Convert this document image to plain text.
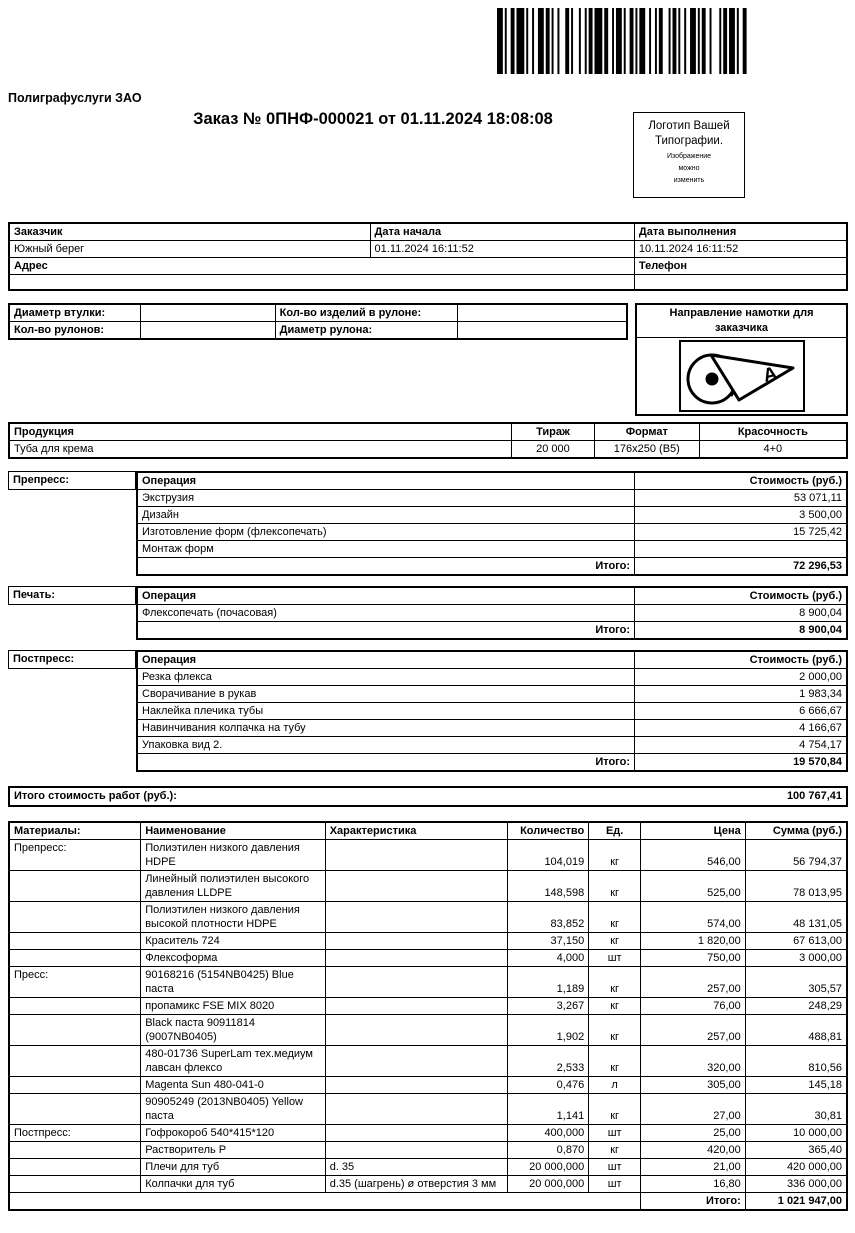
Полиграфуслуги ЗАО
Заказ № 0ПНФ-000021 от 01.11.2024 18:08:08	Логотип Вашей
Типографии.
Изображение
можно
изменить
Заказчик	Дата начала	Дата выполнения
Южный берег	01.11.2024 16:11:52	10.11.2024 16:11:52
Адрес		Телефон

Диаметр втулки:		Кол-во изделий в рулоне:	
Кол-во рулонов:		Диаметр рулона:	
Направление намотки для заказчика
A
Продукция	Тираж	Формат	Красочность
Туба для крема	20 000	176x250 (B5)	4+0
Препресс:	Операция	Стоимость (руб.)
Экструзия	53 071,11
Дизайн	3 500,00
Изготовление форм (флексопечать)	15 725,42
Монтаж форм	
Итого:	72 296,53
Печать:	Операция	Стоимость (руб.)
Флексопечать (почасовая)	8 900,04
Итого:	8 900,04
Постпресс:	Операция	Стоимость (руб.)
Резка флекса	2 000,00
Сворачивание в рукав	1 983,34
Наклейка плечика тубы	6 666,67
Навинчивания колпачка на тубу	4 166,67
Упаковка вид 2.	4 754,17
Итого:	19 570,84
Итого стоимость работ (руб.):	100 767,41
Материалы:	Наименование	Характеристика	Количество	Ед.	Цена	Сумма (руб.)
Препресс:	Полиэтилен низкого давления HDPE		104,019	кг	546,00	56 794,37
	Линейный полиэтилен высокого давления LLDPE		148,598	кг	525,00	78 013,95
	Полиэтилен низкого давления высокой плотности HDPE		83,852	кг	574,00	48 131,05
	Краситель 724		37,150	кг	1 820,00	67 613,00
	Флексоформа		4,000	шт	750,00	3 000,00
Пресс:	90168216 (5154NB0425) Blue паста		1,189	кг	257,00	305,57
	пропамикс FSE MIX 8020		3,267	кг	76,00	248,29
	Black паста 90911814 (9007NB0405)		1,902	кг	257,00	488,81
	480-01736 SuperLam тех.медиум лавсан флексо		2,533	кг	320,00	810,56
	Magenta Sun 480-041-0		0,476	л	305,00	145,18
	90905249 (2013NB0405) Yellow паста		1,141	кг	27,00	30,81
Постпресс:	Гофрокороб 540*415*120		400,000	шт	25,00	10 000,00
	Растворитель Р		0,870	кг	420,00	365,40
	Плечи для туб	d. 35	20 000,000	шт	21,00	420 000,00
	Колпачки для туб	d.35 (шагрень) ø отверстия 3 мм	20 000,000	шт	16,80	336 000,00
					Итого:	1 021 947,00
